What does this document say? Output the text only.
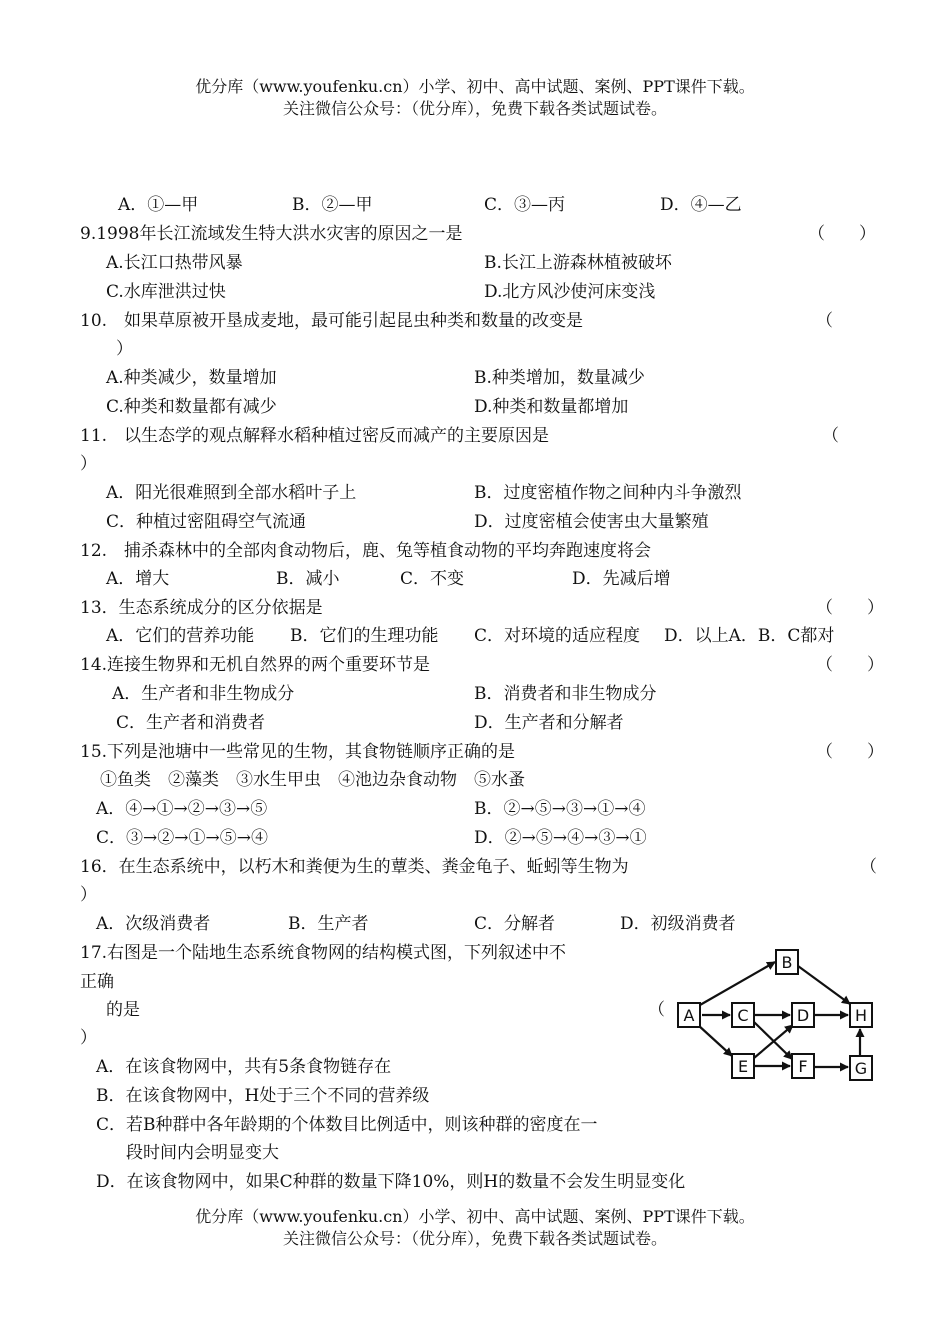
优分库（www.youfenku.cn）小学、初中、高中试题、案例、PPT课件下载。
关注微信公众号：（优分库），免费下载各类试题试卷。
A．①—甲	B．②—甲	C．③—丙	D．④—乙
9.1998年长江流域发生特大洪水灾害的原因之一是	（　　）
A.长江口热带风暴	B.长江上游森林植被破坏
C.水库泄洪过快	D.北方风沙使河床变浅
10.　如果草原被开垦成麦地，最可能引起昆虫种类和数量的改变是	（
）
A.种类减少，数量增加	B.种类增加，数量减少
C.种类和数量都有减少	D.种类和数量都增加
11.　以生态学的观点解释水稻种植过密反而减产的主要原因是	（
）
A．阳光很难照到全部水稻叶子上	B．过度密植作物之间种内斗争激烈
C．种植过密阻碍空气流通	D．过度密植会使害虫大量繁殖
12.　捕杀森林中的全部肉食动物后，鹿、兔等植食动物的平均奔跑速度将会
A．增大	B．减小	C．不变	D．先减后增
13．生态系统成分的区分依据是	（　　）
A．它们的营养功能 B．它们的生理功能 C．对环境的适应程度 D．以上A．B．C都对
14.连接生物界和无机自然界的两个重要环节是	（　　）
A．生产者和非生物成分	B．消费者和非生物成分
C．生产者和消费者	D．生产者和分解者
15.下列是池塘中一些常见的生物，其食物链顺序正确的是	（　　）
①鱼类　②藻类　③水生甲虫　④池边杂食动物　⑤水蚤
A．④→①→②→③→⑤	B．②→⑤→③→①→④
C．③→②→①→⑤→④	D．②→⑤→④→③→①
16．在生态系统中，以朽木和粪便为生的蕈类、粪金龟子、蚯蚓等生物为	（
）
A．次级消费者	B．生产者	C．分解者	D．初级消费者
17.右图是一个陆地生态系统食物网的结构模式图，下列叙述中不
正确
的是	（
）
A．在该食物网中，共有5条食物链存在
B．在该食物网中，H处于三个不同的营养级
C．若B种群中各年龄期的个体数目比例适中，则该种群的密度在一
段时间内会明显变大
D．在该食物网中，如果C种群的数量下降10%，则H的数量不会发生明显变化
A
B
C	D
E	F	G
H
优分库（www.youfenku.cn）小学、初中、高中试题、案例、PPT课件下载。
关注微信公众号：（优分库），免费下载各类试题试卷。
